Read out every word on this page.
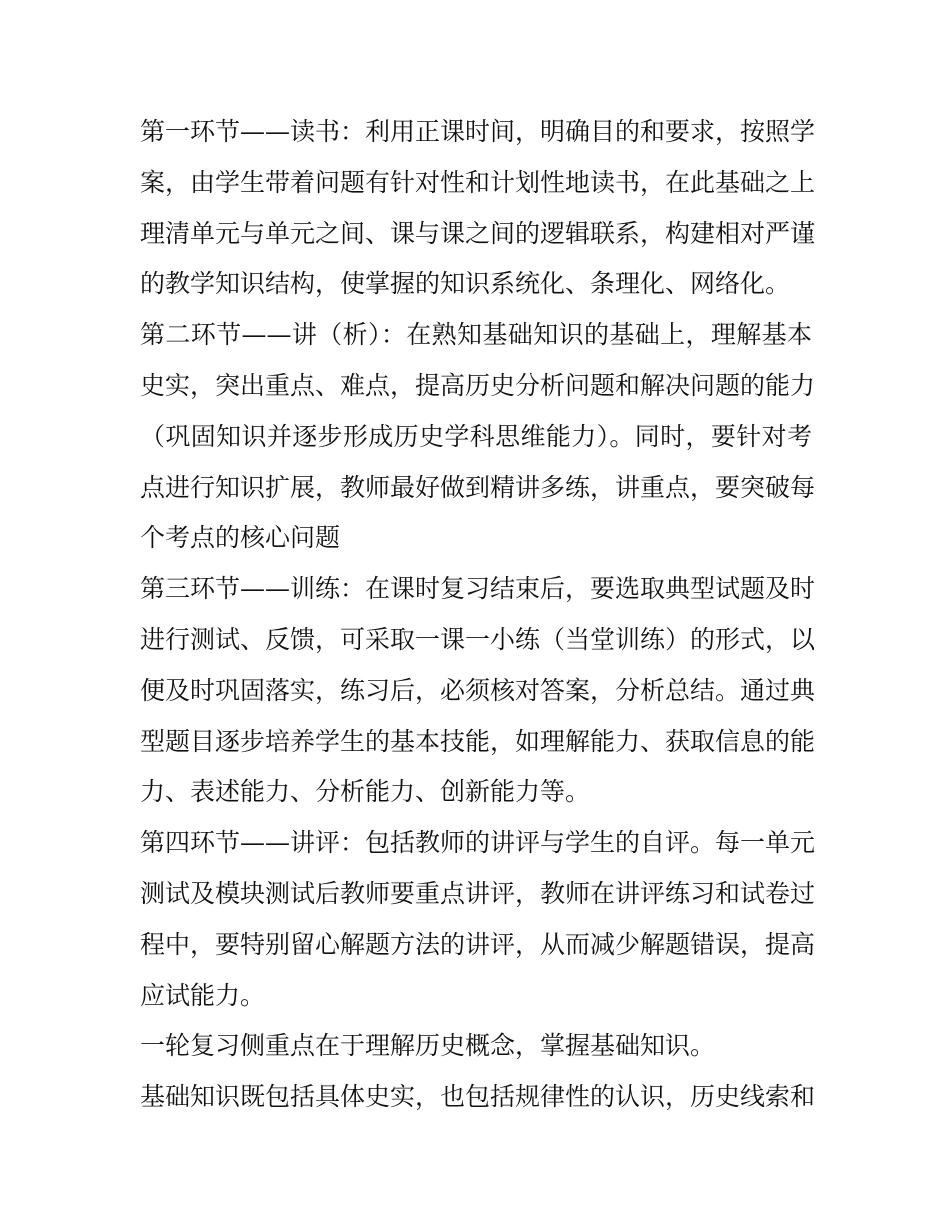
第一环节——读书：利用正课时间，明确目的和要求，按照学
案，由学生带着问题有针对性和计划性地读书，在此基础之上
理清单元与单元之间、课与课之间的逻辑联系，构建相对严谨
的教学知识结构，使掌握的知识系统化、条理化、网络化。
第二环节——讲（析）：在熟知基础知识的基础上，理解基本
史实，突出重点、难点，提高历史分析问题和解决问题的能力
（巩固知识并逐步形成历史学科思维能力）。同时，要针对考
点进行知识扩展，教师最好做到精讲多练，讲重点，要突破每
个考点的核心问题
第三环节——训练：在课时复习结束后，要选取典型试题及时
进行测试、反馈，可采取一课一小练（当堂训练）的形式，以
便及时巩固落实，练习后，必须核对答案，分析总结。通过典
型题目逐步培养学生的基本技能，如理解能力、获取信息的能
力、表述能力、分析能力、创新能力等。
第四环节——讲评：包括教师的讲评与学生的自评。每一单元
测试及模块测试后教师要重点讲评，教师在讲评练习和试卷过
程中，要特别留心解题方法的讲评，从而减少解题错误，提高
应试能力。
一轮复习侧重点在于理解历史概念，掌握基础知识。
基础知识既包括具体史实，也包括规律性的认识，历史线索和
